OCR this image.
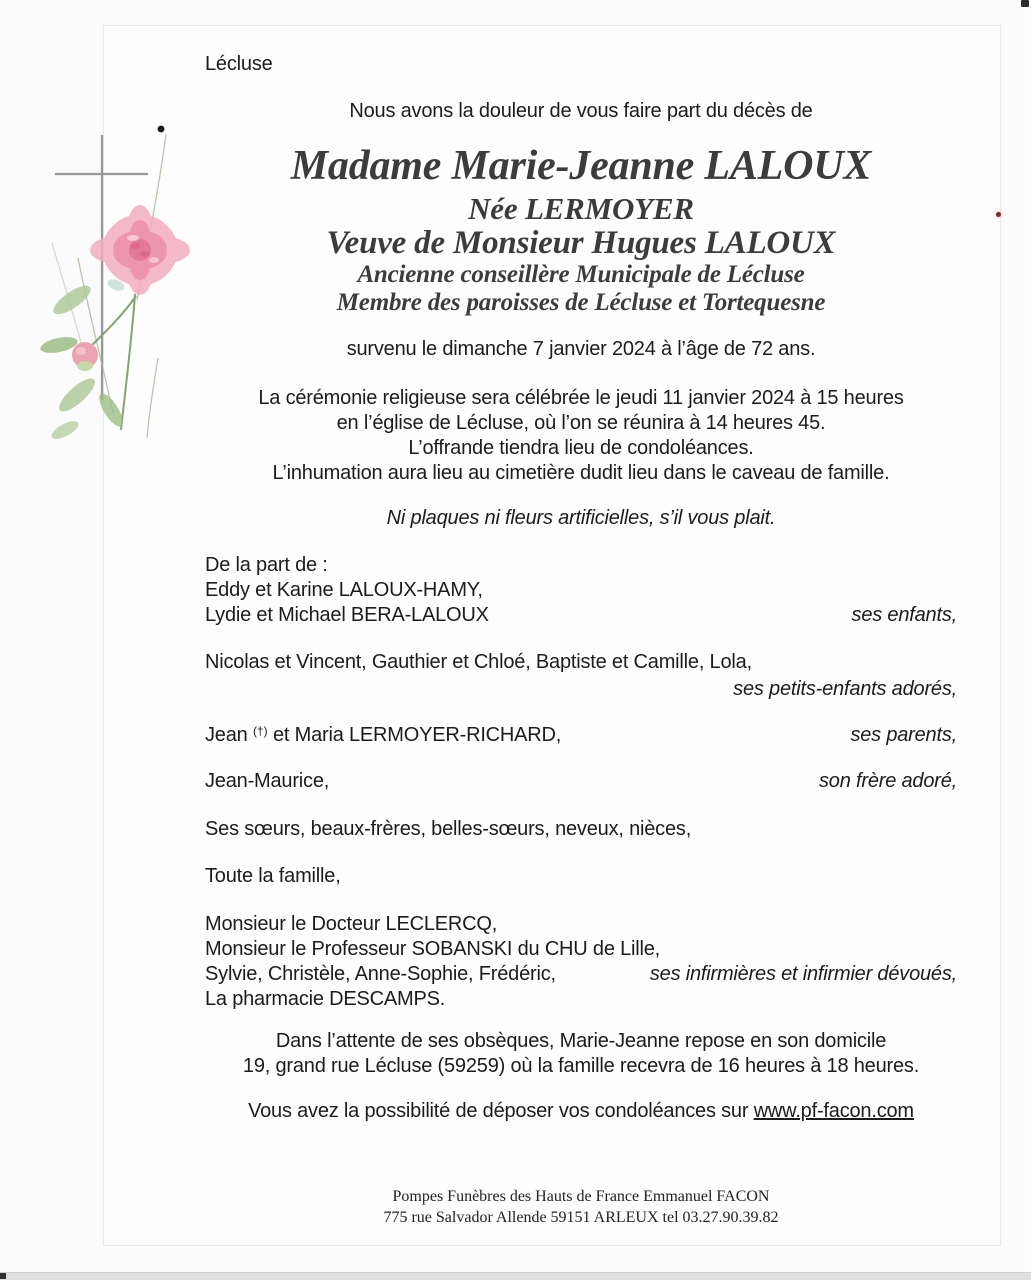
Lécluse
Nous avons la douleur de vous faire part du décès de
Madame Marie-Jeanne LALOUX
Née LERMOYER
Veuve de Monsieur Hugues LALOUX
Ancienne conseillère Municipale de Lécluse
Membre des paroisses de Lécluse et Tortequesne
survenu le dimanche 7 janvier 2024 à l’âge de 72 ans.
La cérémonie religieuse sera célébrée le jeudi 11 janvier 2024 à 15 heures
en l’église de Lécluse, où l’on se réunira à 14 heures 45.
L’offrande tiendra lieu de condoléances.
L’inhumation aura lieu au cimetière dudit lieu dans le caveau de famille.
Ni plaques ni fleurs artificielles, s’il vous plait.
De la part de :
Eddy et Karine LALOUX-HAMY,
Lydie et Michael BERA-LALOUX	ses enfants,
Nicolas et Vincent, Gauthier et Chloé, Baptiste et Camille, Lola,
ses petits-enfants adorés,
Jean (†) et Maria LERMOYER-RICHARD,	ses parents,
Jean-Maurice,	son frère adoré,
Ses sœurs, beaux-frères, belles-sœurs, neveux, nièces,
Toute la famille,
Monsieur le Docteur LECLERCQ,
Monsieur le Professeur SOBANSKI du CHU de Lille,
Sylvie, Christèle, Anne-Sophie, Frédéric,	ses infirmières et infirmier dévoués,
La pharmacie DESCAMPS.
Dans l’attente de ses obsèques, Marie-Jeanne repose en son domicile
19, grand rue Lécluse (59259) où la famille recevra de 16 heures à 18 heures.
Vous avez la possibilité de déposer vos condoléances sur www.pf-facon.com
Pompes Funèbres des Hauts de France Emmanuel FACON
775 rue Salvador Allende 59151 ARLEUX tel 03.27.90.39.82
